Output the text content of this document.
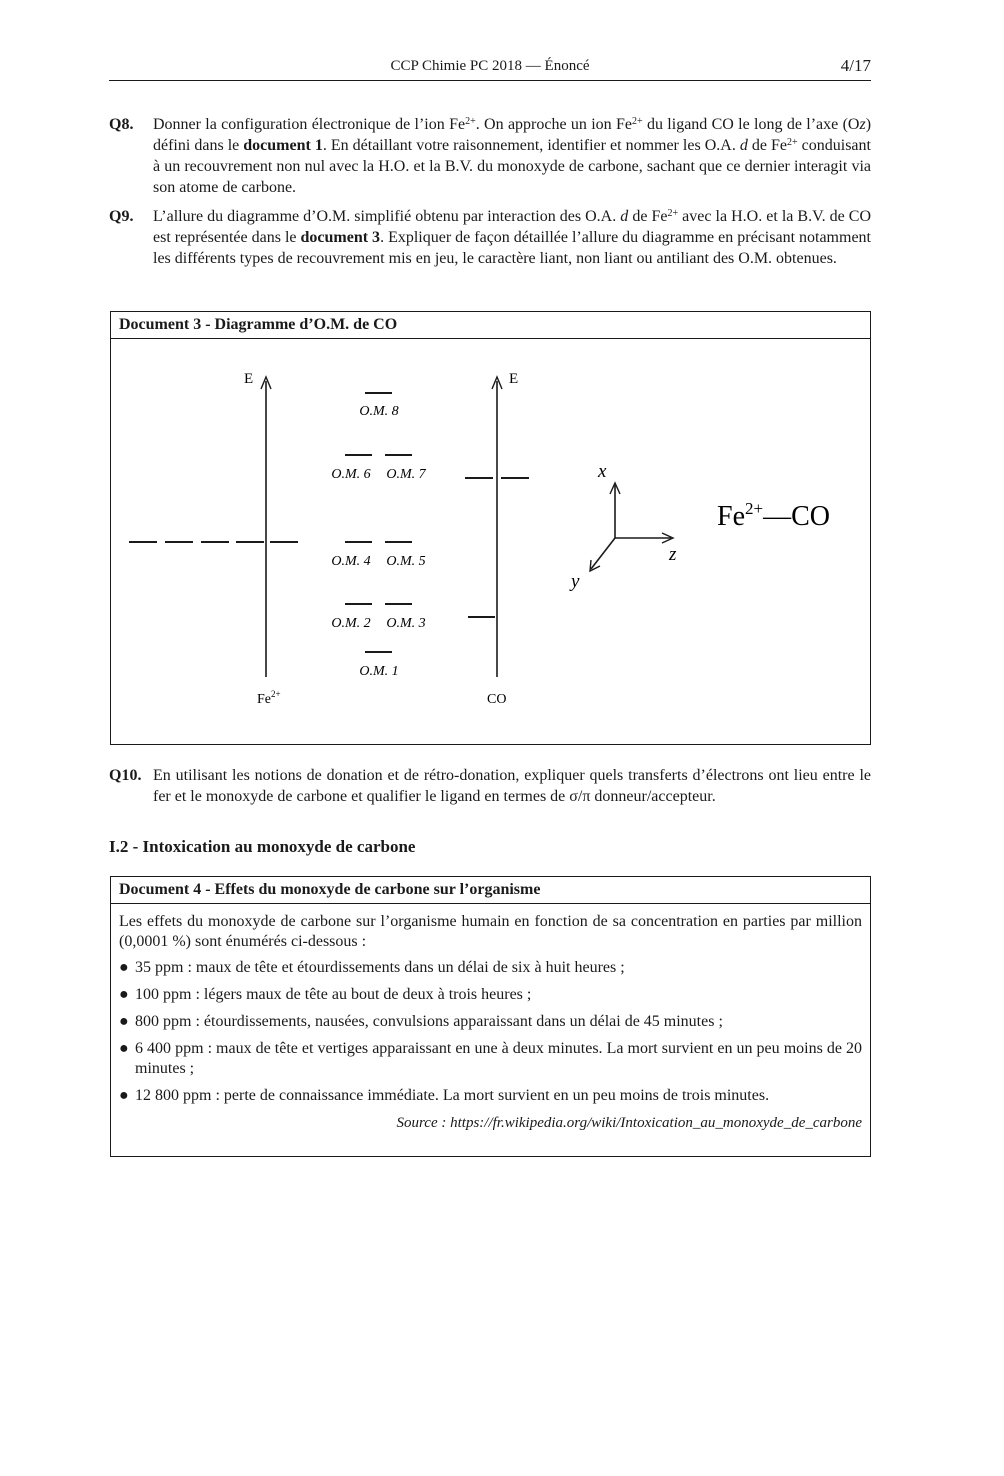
CCP Chimie PC 2018 — Énoncé	4/17
Q8. Donner la configuration électronique de l’ion $Fe^{2+}$. On approche un ion $Fe^{2+}$ du ligand CO le long de l’axe (Oz) défini dans le document 1. En détaillant votre raisonnement, identifier et nommer les O.A. d de $Fe^{2+}$ conduisant à un recouvrement non nul avec la H.O. et la B.V. du monoxyde de carbone, sachant que ce dernier interagit via son atome de carbone.

Q9. L’allure du diagramme d’O.M. simplifié obtenu par interaction des O.A. d de $Fe^{2+}$ avec la H.O. et la B.V. de CO est représentée dans le document 3. Expliquer de façon détaillée l’allure du diagramme en précisant notamment les différents types de recouvrement mis en jeu, le caractère liant, non liant ou antiliant des O.M. obtenues.

Document 3 - Diagramme d’O.M. de CO
E
$Fe^{2+}$
E
CO
O.M. 8
O.M. 6 O.M. 7
O.M. 4 O.M. 5
O.M. 2 O.M. 3
O.M. 1
x
z
y
$Fe^{2+}—CO$
Q10. En utilisant les notions de donation et de rétro-donation, expliquer quels transferts d’électrons ont lieu entre le fer et le monoxyde de carbone et qualifier le ligand en termes de σ/π donneur/accepteur.

I.2 - Intoxication au monoxyde de carbone
Document 4 - Effets du monoxyde de carbone sur l’organisme

Les effets du monoxyde de carbone sur l’organisme humain en fonction de sa concentration en parties par million (0,0001 %) sont énumérés ci-dessous :

● 35 ppm : maux de tête et étourdissements dans un délai de six à huit heures ;
● 100 ppm : légers maux de tête au bout de deux à trois heures ;
● 800 ppm : étourdissements, nausées, convulsions apparaissant dans un délai de 45 minutes ;
● 6 400 ppm : maux de tête et vertiges apparaissant en une à deux minutes. La mort survient en un peu moins de 20 minutes ;
● 12 800 ppm : perte de connaissance immédiate. La mort survient en un peu moins de trois minutes.
Source : https://fr.wikipedia.org/wiki/Intoxication_au_monoxyde_de_carbone
